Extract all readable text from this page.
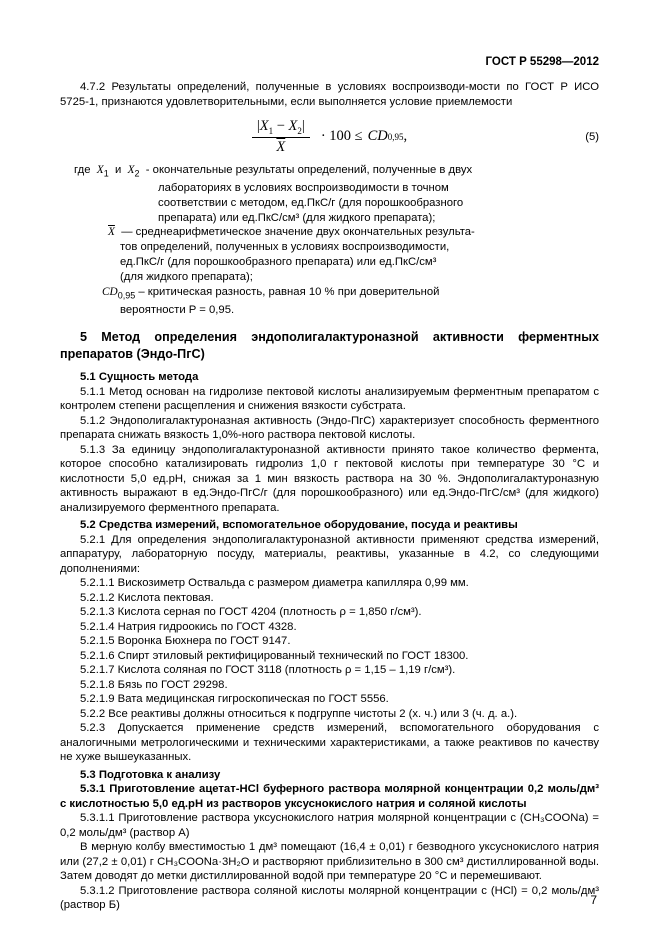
ГОСТ Р 55298—2012

4.7.2 Результаты определений, полученные в условиях воспроизводи-мости по ГОСТ Р ИСО 5725-1, признаются удовлетворительными, если выполняется условие приемлемости

$\frac{|X_1 - X_2|}{X} \cdot 100$ ≤ CD 0,95 ,	(5)
где $X_1$ и $X_2$ - окончательные результаты определений, полученные в двух
лабораториях в условиях воспроизводимости в точном
соответствии с методом, ед.ПкС/г (для порошкообразного
препарата) или ед.ПкС/см³ (для жидкого препарата);
$\overline{X}$ — среднеарифметическое значение двух окончательных результа-
тов определений, полученных в условиях воспроизводимости,
ед.ПкС/г (для порошкообразного препарата) или ед.ПкС/см³
(для жидкого препарата);
$CD_{0,95}$ – критическая разность, равная 10 % при доверительной
вероятности P = 0,95.
5 Метод определения эндополигалактуроназной активности ферментных препаратов (Эндо-ПгС)
5.1 Сущность метода

5.1.1 Метод основан на гидролизе пектовой кислоты анализируемым ферментным препаратом с контролем степени расщепления и снижения вязкости субстрата.

5.1.2 Эндополигалактуроназная активность (Эндо-ПгС) характеризует способность ферментного препарата снижать вязкость 1,0%-ного раствора пектовой кислоты.

5.1.3 За единицу эндополигалактуроназной активности принято такое количество фермента, которое способно катализировать гидролиз 1,0 г пектовой кислоты при температуре 30 °С и кислотности 5,0 ед.рН, снижая за 1 мин вязкость раствора на 30 %. Эндополигалактуроназную активность выражают в ед.Эндо-ПгС/г (для порошкообразного) или ед.Эндо-ПгС/см³ (для жидкого) анализируемого ферментного препарата.

5.2 Средства измерений, вспомогательное оборудование, посуда и реактивы

5.2.1 Для определения эндополигалактуроназной активности применяют средства измерений, аппаратуру, лабораторную посуду, материалы, реактивы, указанные в 4.2, со следующими дополнениями:

5.2.1.1 Вискозиметр Оствальда с размером диаметра капилляра 0,99 мм.

5.2.1.2 Кислота пектовая.

5.2.1.3 Кислота серная по ГОСТ 4204 (плотность ρ = 1,850 г/см³).

5.2.1.4 Натрия гидроокись по ГОСТ 4328.

5.2.1.5 Воронка Бюхнера по ГОСТ 9147.

5.2.1.6 Спирт этиловый ректифицированный технический по ГОСТ 18300.

5.2.1.7 Кислота соляная по ГОСТ 3118 (плотность ρ = 1,15 – 1,19 г/см³).

5.2.1.8 Бязь по ГОСТ 29298.

5.2.1.9 Вата медицинская гигроскопическая по ГОСТ 5556.

5.2.2 Все реактивы должны относиться к подгруппе чистоты 2 (х. ч.) или 3 (ч. д. а.).

5.2.3 Допускается применение средств измерений, вспомогательного оборудования с аналогичными метрологическими и техническими характеристиками, а также реактивов по качеству не хуже вышеуказанных.

5.3 Подготовка к анализу

5.3.1 Приготовление ацетат-HCl буферного раствора молярной концентрации 0,2 моль/дм³ с кислотностью 5,0 ед.рН из растворов уксуснокислого натрия и соляной кислоты

5.3.1.1 Приготовление раствора уксуснокислого натрия молярной концентрации c (CH₃COONa) = 0,2 моль/дм³ (раствор А)

В мерную колбу вместимостью 1 дм³ помещают (16,4 ± 0,01) г безводного уксуснокислого натрия или (27,2 ± 0,01) г CH₃COONa·3H₂O и растворяют приблизительно в 300 см³ дистиллированной воды. Затем доводят до метки дистиллированной водой при температуре 20 °С и перемешивают.

5.3.1.2 Приготовление раствора соляной кислоты молярной концентрации c (HCl) = 0,2 моль/дм³ (раствор Б)	7
